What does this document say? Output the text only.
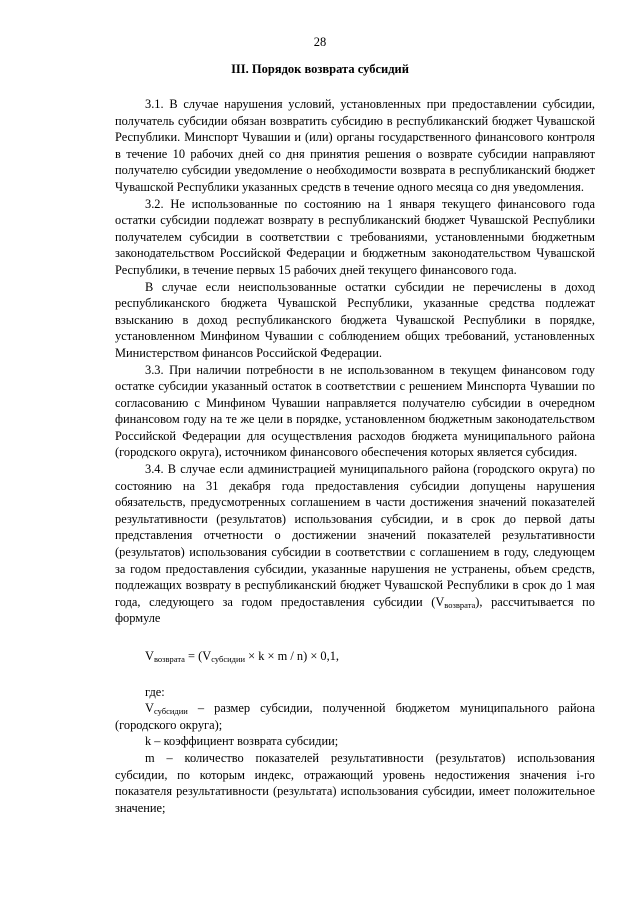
28
III. Порядок возврата субсидий

3.1. В случае нарушения условий, установленных при предоставлении субсидии, получатель субсидии обязан возвратить субсидию в республиканский бюджет Чувашской Республики. Минспорт Чувашии и (или) органы государственного финансового контроля в течение 10 рабочих дней со дня принятия решения о возврате субсидии направляют получателю субсидии уведомление о необходимости возврата в республиканский бюджет Чувашской Республики указанных средств в течение одного месяца со дня уведомления.

3.2. Не использованные по состоянию на 1 января текущего финансового года остатки субсидии подлежат возврату в республиканский бюджет Чувашской Республики получателем субсидии в соответствии с требованиями, установленными бюджетным законодательством Российской Федерации и бюджетным законодательством Чувашской Республики, в течение первых 15 рабочих дней текущего финансового года.

В случае если неиспользованные остатки субсидии не перечислены в доход республиканского бюджета Чувашской Республики, указанные средства подлежат взысканию в доход республиканского бюджета Чувашской Республики в порядке, установленном Минфином Чувашии с соблюдением общих требований, установленных Министерством финансов Российской Федерации.

3.3. При наличии потребности в не использованном в текущем финансовом году остатке субсидии указанный остаток в соответствии с решением Минспорта Чувашии по согласованию с Минфином Чувашии направляется получателю субсидии в очередном финансовом году на те же цели в порядке, установленном бюджетным законодательством Российской Федерации для осуществления расходов бюджета муниципального района (городского округа), источником финансового обеспечения которых является субсидия.

3.4. В случае если администрацией муниципального района (городского округа) по состоянию на 31 декабря года предоставления субсидии допущены нарушения обязательств, предусмотренных соглашением в части достижения значений показателей результативности (результатов) использования субсидии, и в срок до первой даты представления отчетности о достижении значений показателей результативности (результатов) использования субсидии в соответствии с соглашением в году, следующем за годом предоставления субсидии, указанные нарушения не устранены, объем средств, подлежащих возврату в республиканский бюджет Чувашской Республики в срок до 1 мая года, следующего за годом предоставления субсидии $(V_{возврата})$, рассчитывается по формуле

$V_{возврата} = (V_{субсидии} \times k \times m / n) \times 0,1$,

где:

$V_{субсидии}$ – размер субсидии, полученной бюджетом муниципального района (городского округа);

k – коэффициент возврата субсидии;

m – количество показателей результативности (результатов) использования субсидии, по которым индекс, отражающий уровень недостижения значения i-го показателя результативности (результата) использования субсидии, имеет положительное значение;
